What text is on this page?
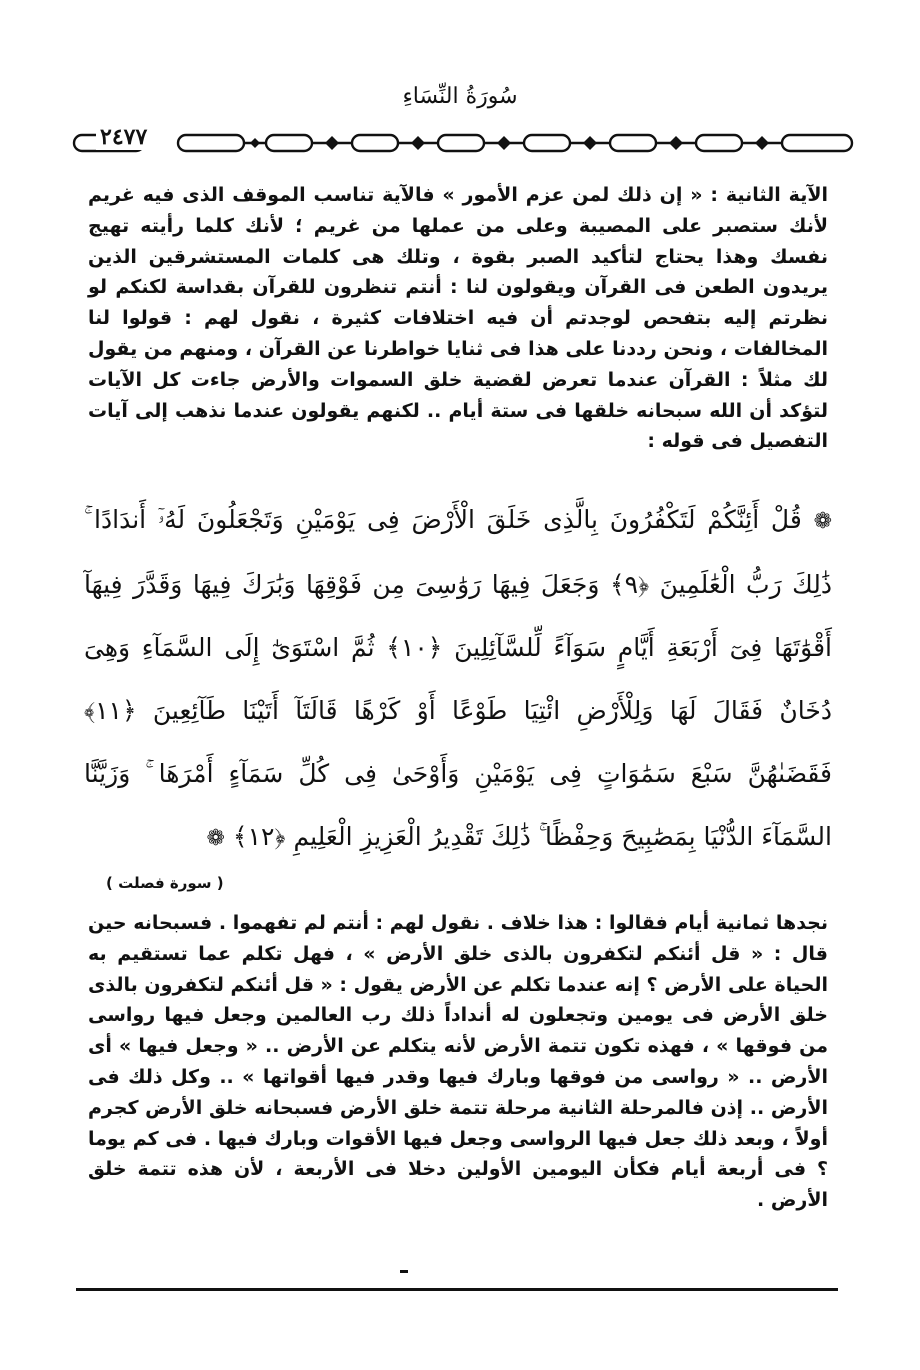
سُورَةُ النِّسَاءِ
٢٤٧٧
الآية الثانية : « إن ذلك لمن عزم الأمور » فالآية تناسب الموقف الذى فيه غريم لأنك ستصبر على المصيبة وعلى من عملها من غريم ؛ لأنك كلما رأيته تهيج نفسك وهذا يحتاج لتأكيد الصبر بقوة ، وتلك هى كلمات المستشرقين الذين يريدون الطعن فى القرآن ويقولون لنا : أنتم تنظرون للقرآن بقداسة لكنكم لو نظرتم إليه بتفحص لوجدتم أن فيه اختلافات كثيرة ، نقول لهم : قولوا لنا المخالفات ، ونحن رددنا على هذا فى ثنايا خواطرنا عن القرآن ، ومنهم من يقول لك مثلاً : القرآن عندما تعرض لقضية خلق السموات والأرض جاءت كل الآيات لتؤكد أن الله سبحانه خلقها فى ستة أيام .. لكنهم يقولون عندما نذهب إلى آيات التفصيل فى قوله :
❁ قُلْ أَئِنَّكُمْ لَتَكْفُرُونَ بِالَّذِى خَلَقَ الْأَرْضَ فِى يَوْمَيْنِ وَتَجْعَلُونَ لَهُۥٓ أَندَادًا ۚ ذَٰلِكَ رَبُّ الْعَٰلَمِينَ ﴿٩﴾ وَجَعَلَ فِيهَا رَوَٰسِىَ مِن فَوْقِهَا وَبَٰرَكَ فِيهَا وَقَدَّرَ فِيهَآ أَقْوَٰتَهَا فِىٓ أَرْبَعَةِ أَيَّامٍ سَوَآءً لِّلسَّآئِلِينَ ﴿١٠﴾ ثُمَّ اسْتَوَىٰٓ إِلَى السَّمَآءِ وَهِىَ دُخَانٌ فَقَالَ لَهَا وَلِلْأَرْضِ ائْتِيَا طَوْعًا أَوْ كَرْهًا قَالَتَآ أَتَيْنَا طَآئِعِينَ ﴿١١﴾ فَقَضَىٰهُنَّ سَبْعَ سَمَٰوَاتٍ فِى يَوْمَيْنِ وَأَوْحَىٰ فِى كُلِّ سَمَآءٍ أَمْرَهَا ۚ وَزَيَّنَّا السَّمَآءَ الدُّنْيَا بِمَصَٰبِيحَ وَحِفْظًا ۚ ذَٰلِكَ تَقْدِيرُ الْعَزِيزِ الْعَلِيمِ ﴿١٢﴾ ❁
( سورة فصلت )
نجدها ثمانية أيام فقالوا : هذا خلاف . نقول لهم : أنتم لم تفهموا . فسبحانه حين قال : « قل أئنكم لتكفرون بالذى خلق الأرض » ، فهل تكلم عما تستقيم به الحياة على الأرض ؟ إنه عندما تكلم عن الأرض يقول : « قل أئنكم لتكفرون بالذى خلق الأرض فى يومين وتجعلون له أنداداً ذلك رب العالمين وجعل فيها رواسى من فوقها » ، فهذه تكون تتمة الأرض لأنه يتكلم عن الأرض .. « وجعل فيها » أى الأرض .. « رواسى من فوقها وبارك فيها وقدر فيها أقواتها » .. وكل ذلك فى الأرض .. إذن فالمرحلة الثانية مرحلة تتمة خلق الأرض فسبحانه خلق الأرض كجرم أولاً ، وبعد ذلك جعل فيها الرواسى وجعل فيها الأقوات وبارك فيها . فى كم يوما ؟ فى أربعة أيام فكأن اليومين الأولين دخلا فى الأربعة ، لأن هذه تتمة خلق الأرض .
